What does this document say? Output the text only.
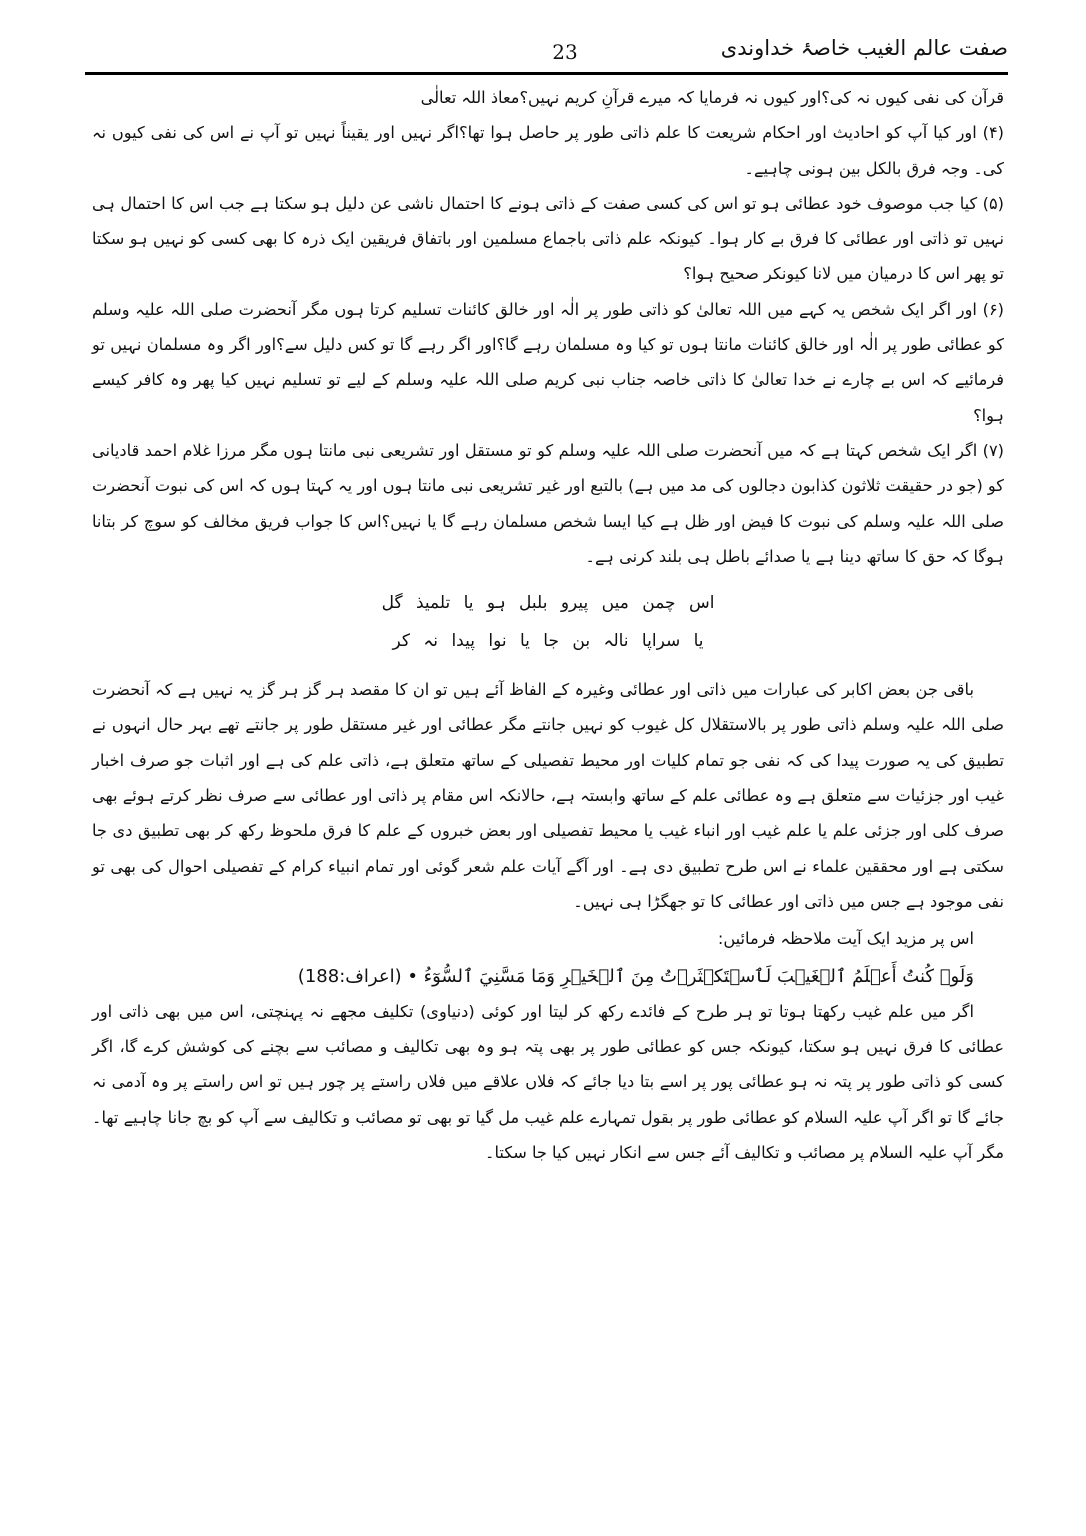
صفت عالم الغیب خاصۂ خداوندی
23

قرآن کی نفی کیوں نہ کی؟اور کیوں نہ فرمایا کہ میرے قرآنِ کریم نہیں؟معاذ اللہ تعالٰی

(۴) اور کیا آپ کو احادیث اور احکام شریعت کا علم ذاتی طور پر حاصل ہوا تھا؟اگر نہیں اور یقیناً نہیں تو آپ نے اس کی نفی کیوں نہ کی۔ وجہ فرق بالکل بین ہونی چاہیے۔

(۵) کیا جب موصوف خود عطائی ہو تو اس کی کسی صفت کے ذاتی ہونے کا احتمال ناشی عن دلیل ہو سکتا ہے جب اس کا احتمال ہی نہیں تو ذاتی اور عطائی کا فرق بے کار ہوا۔ کیونکہ علم ذاتی باجماع مسلمین اور باتفاق فریقین ایک ذرہ کا بھی کسی کو نہیں ہو سکتا تو پھر اس کا درمیان میں لانا کیونکر صحیح ہوا؟

(۶) اور اگر ایک شخص یہ کہے میں اللہ تعالیٰ کو ذاتی طور پر الٰہ اور خالق کائنات تسلیم کرتا ہوں مگر آنحضرت صلی اللہ علیہ وسلم کو عطائی طور پر الٰہ اور خالق کائنات مانتا ہوں تو کیا وہ مسلمان رہے گا؟اور اگر رہے گا تو کس دلیل سے؟اور اگر وہ مسلمان نہیں تو فرمائیے کہ اس بے چارے نے خدا تعالیٰ کا ذاتی خاصہ جناب نبی کریم صلی اللہ علیہ وسلم کے لیے تو تسلیم نہیں کیا پھر وہ کافر کیسے ہوا؟

(۷) اگر ایک شخص کہتا ہے کہ میں آنحضرت صلی اللہ علیہ وسلم کو تو مستقل اور تشریعی نبی مانتا ہوں مگر مرزا غلام احمد قادیانی کو (جو در حقیقت ثلاثون کذابون دجالوں کی مد میں ہے) بالتبع اور غیر تشریعی نبی مانتا ہوں اور یہ کہتا ہوں کہ اس کی نبوت آنحضرت صلی اللہ علیہ وسلم کی نبوت کا فیض اور ظل ہے کیا ایسا شخص مسلمان رہے گا یا نہیں؟اس کا جواب فریق مخالف کو سوچ کر بتانا ہوگا کہ حق کا ساتھ دینا ہے یا صدائے باطل ہی بلند کرنی ہے۔

اس چمن میں پیرو بلبل ہو یا تلمیذ گل

یا سراپا نالہ بن جا یا نوا پیدا نہ کر

باقی جن بعض اکابر کی عبارات میں ذاتی اور عطائی وغیرہ کے الفاظ آئے ہیں تو ان کا مقصد ہر گز ہر گز یہ نہیں ہے کہ آنحضرت صلی اللہ علیہ وسلم ذاتی طور پر بالاستقلال کل غیوب کو نہیں جانتے مگر عطائی اور غیر مستقل طور پر جانتے تھے بہر حال انہوں نے تطبیق کی یہ صورت پیدا کی کہ نفی جو تمام کلیات اور محیط تفصیلی کے ساتھ متعلق ہے، ذاتی علم کی ہے اور اثبات جو صرف اخبار غیب اور جزئیات سے متعلق ہے وہ عطائی علم کے ساتھ وابستہ ہے، حالانکہ اس مقام پر ذاتی اور عطائی سے صرف نظر کرتے ہوئے بھی صرف کلی اور جزئی علم یا علم غیب اور انباء غیب یا محیط تفصیلی اور بعض خبروں کے علم کا فرق ملحوظ رکھ کر بھی تطبیق دی جا سکتی ہے اور محققین علماء نے اس طرح تطبیق دی ہے۔ اور آگے آیات علم شعر گوئی اور تمام انبیاء کرام کے تفصیلی احوال کی بھی تو نفی موجود ہے جس میں ذاتی اور عطائی کا تو جھگڑا ہی نہیں۔

اس پر مزید ایک آیت ملاحظہ فرمائیں:

وَلَوۡ كُنتُ أَعۡلَمُ ٱلۡغَيۡبَ لَٱسۡتَكۡثَرۡتُ مِنَ ٱلۡخَيۡرِ وَمَا مَسَّنِيَ ٱلسُّوٓءُ • (اعراف:188)

اگر میں علم غیب رکھتا ہوتا تو ہر طرح کے فائدے رکھ کر لیتا اور کوئی (دنیاوی) تکلیف مجھے نہ پہنچتی، اس میں بھی ذاتی اور عطائی کا فرق نہیں ہو سکتا، کیونکہ جس کو عطائی طور پر بھی پتہ ہو وہ بھی تکالیف و مصائب سے بچنے کی کوشش کرے گا، اگر کسی کو ذاتی طور پر پتہ نہ ہو عطائی پور پر اسے بتا دیا جائے کہ فلاں علاقے میں فلاں راستے پر چور ہیں تو اس راستے پر وہ آدمی نہ جائے گا تو اگر آپ علیہ السلام کو عطائی طور پر بقول تمہارے علم غیب مل گیا تو بھی تو مصائب و تکالیف سے آپ کو بچ جانا چاہیے تھا۔ مگر آپ علیہ السلام پر مصائب و تکالیف آئے جس سے انکار نہیں کیا جا سکتا۔
